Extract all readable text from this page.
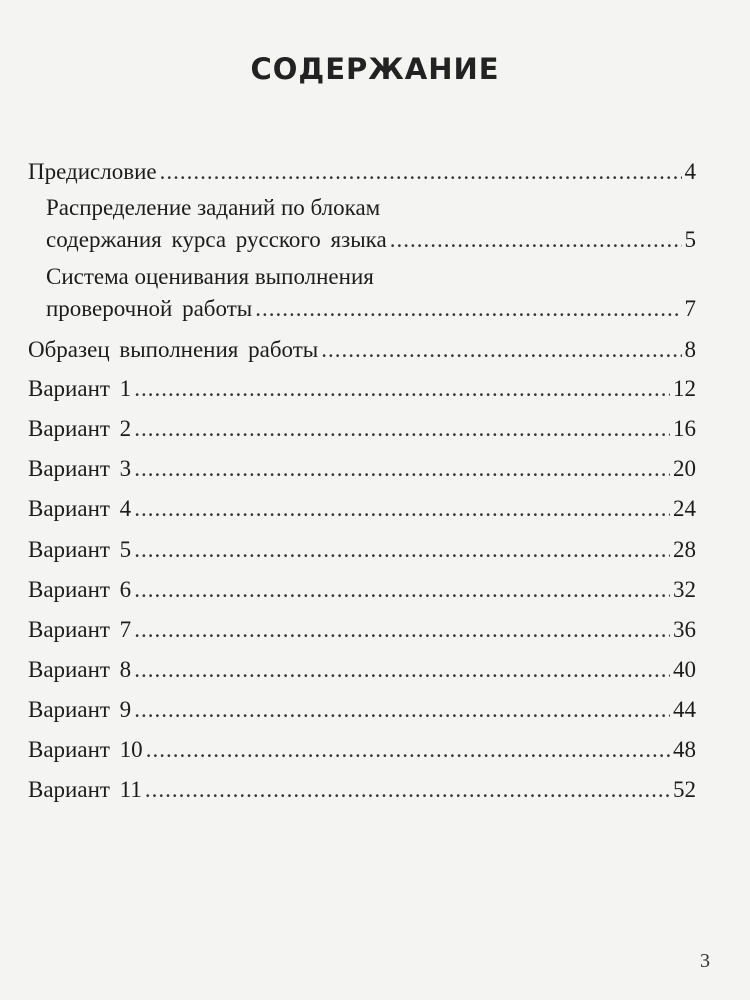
СОДЕРЖАНИЕ
Предисловие .....	4
Распределение заданий по блокам
содержания курса русского языка .....	5
Система оценивания выполнения
проверочной работы .....	7
Образец выполнения работы .....	8
Вариант 1 .....	12
Вариант 2 .....	16
Вариант 3 .....	20
Вариант 4 .....	24
Вариант 5 .....	28
Вариант 6 .....	32
Вариант 7 .....	36
Вариант 8 .....	40
Вариант 9 .....	44
Вариант 10 .....	48
Вариант 11 .....	52
3
